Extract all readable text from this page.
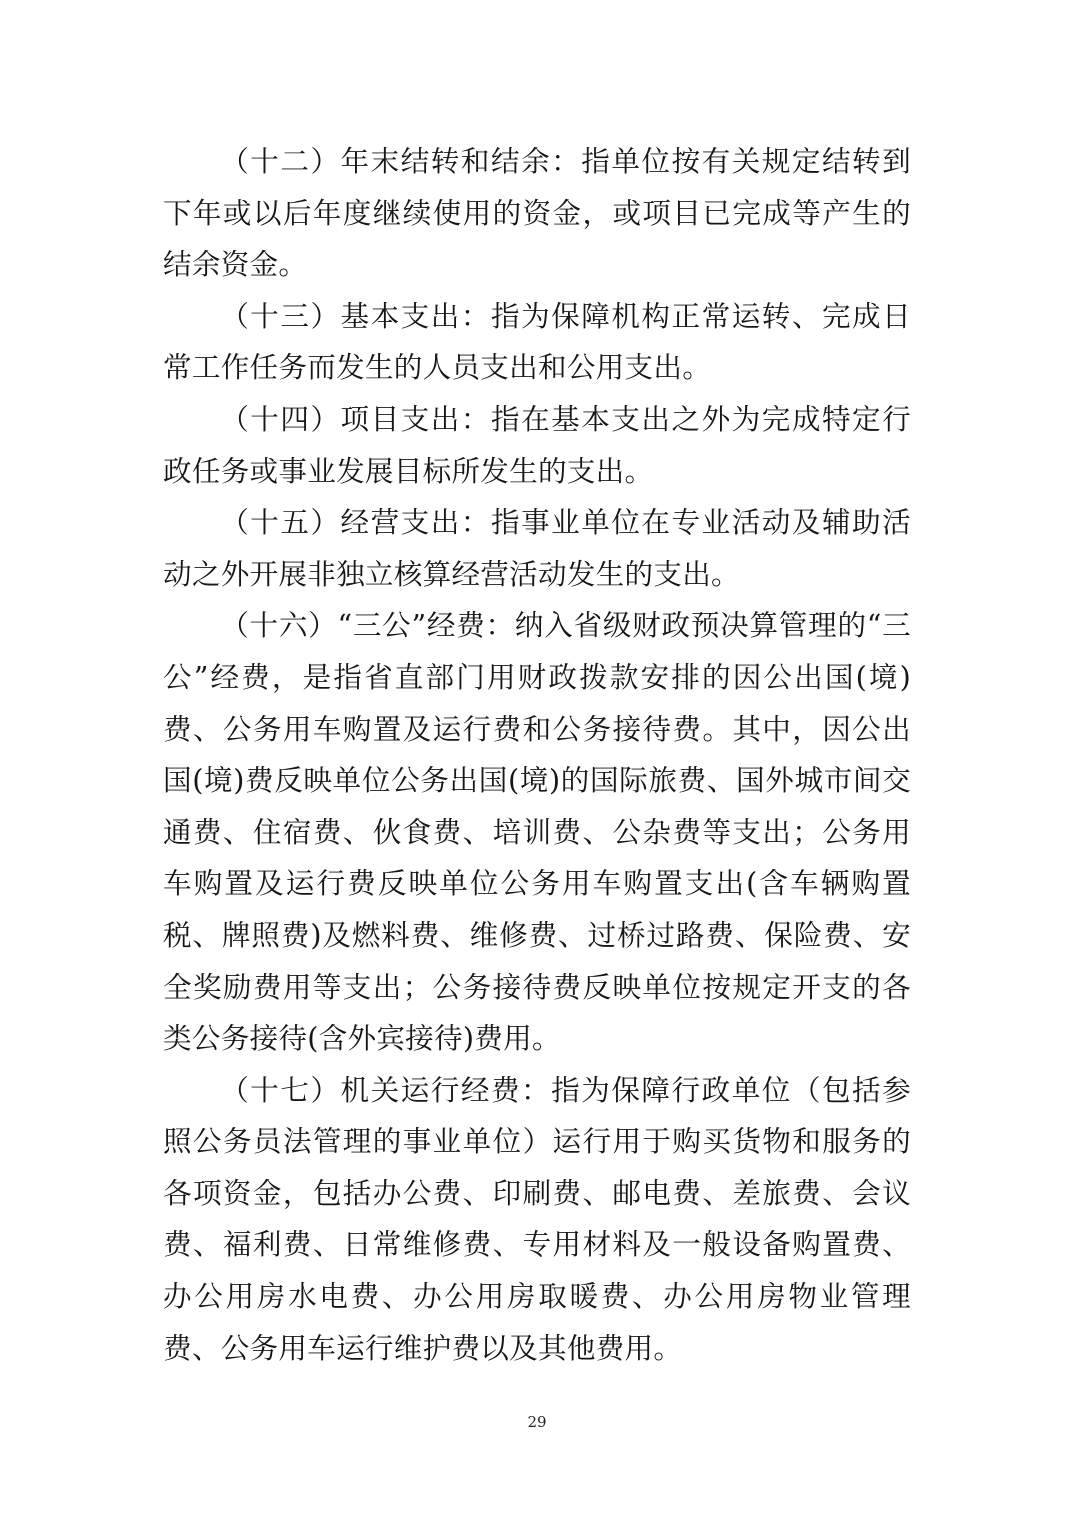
（十二）年末结转和结余：指单位按有关规定结转到下年或以后年度继续使用的资金，或项目已完成等产生的结余资金。

（十三）基本支出：指为保障机构正常运转、完成日常工作任务而发生的人员支出和公用支出。

（十四）项目支出：指在基本支出之外为完成特定行政任务或事业发展目标所发生的支出。

（十五）经营支出：指事业单位在专业活动及辅助活动之外开展非独立核算经营活动发生的支出。

（十六）“三公”经费：纳入省级财政预决算管理的“三公”经费，是指省直部门用财政拨款安排的因公出国(境)费、公务用车购置及运行费和公务接待费。其中，因公出国(境)费反映单位公务出国(境)的国际旅费、国外城市间交通费、住宿费、伙食费、培训费、公杂费等支出；公务用车购置及运行费反映单位公务用车购置支出(含车辆购置税、牌照费)及燃料费、维修费、过桥过路费、保险费、安全奖励费用等支出；公务接待费反映单位按规定开支的各类公务接待(含外宾接待)费用。

（十七）机关运行经费：指为保障行政单位（包括参照公务员法管理的事业单位）运行用于购买货物和服务的各项资金，包括办公费、印刷费、邮电费、差旅费、会议费、福利费、日常维修费、专用材料及一般设备购置费、办公用房水电费、办公用房取暖费、办公用房物业管理费、公务用车运行维护费以及其他费用。

29
